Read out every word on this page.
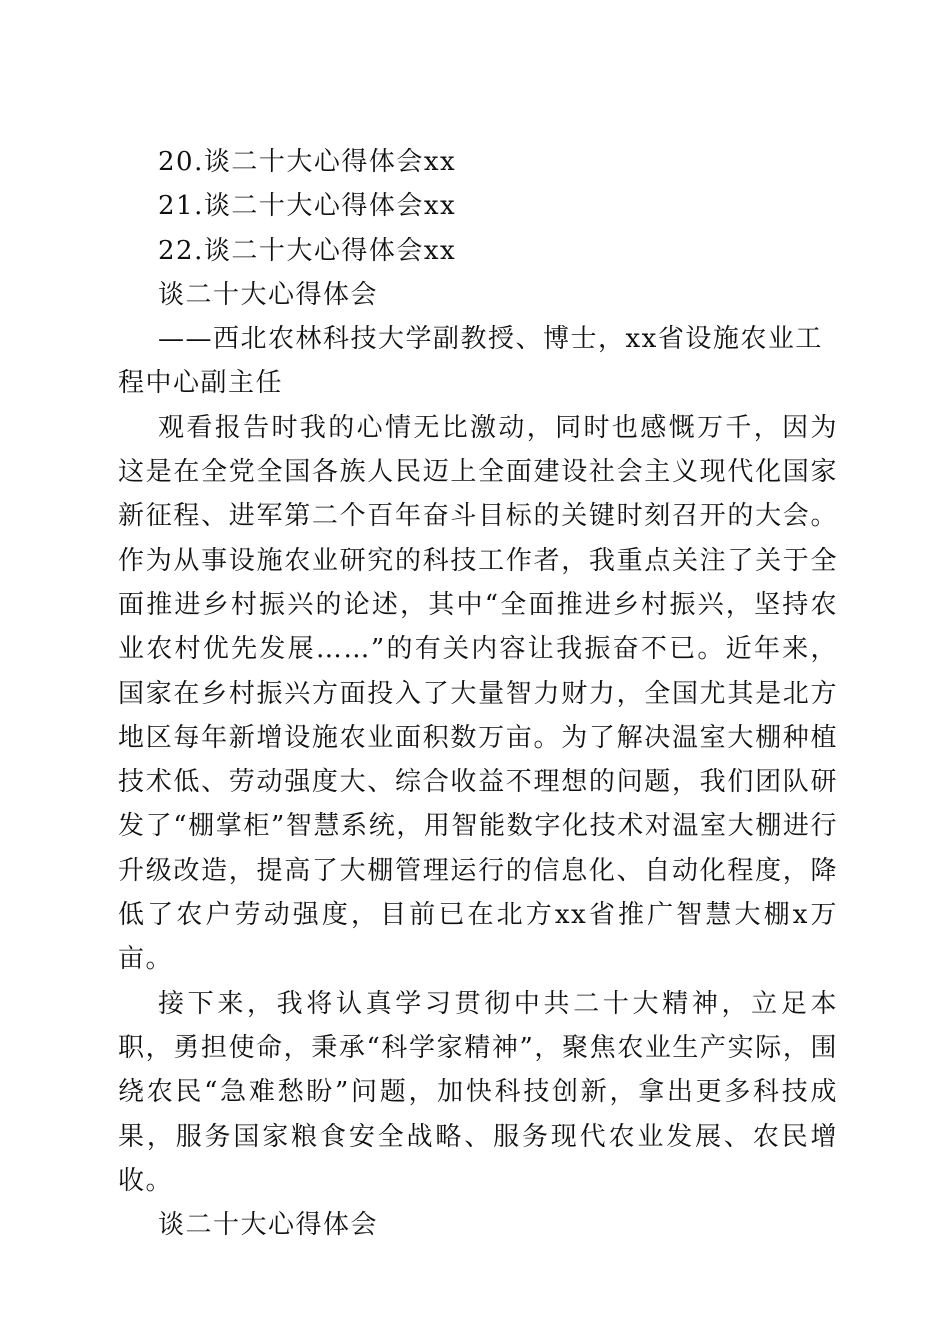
20.谈二十大心得体会xx

21.谈二十大心得体会xx

22.谈二十大心得体会xx

谈二十大心得体会

——西北农林科技大学副教授、博士，xx省设施农业工程中心副主任

观看报告时我的心情无比激动，同时也感慨万千，因为这是在全党全国各族人民迈上全面建设社会主义现代化国家新征程、进军第二个百年奋斗目标的关键时刻召开的大会。作为从事设施农业研究的科技工作者，我重点关注了关于全面推进乡村振兴的论述，其中“全面推进乡村振兴，坚持农业农村优先发展……”的有关内容让我振奋不已。近年来，国家在乡村振兴方面投入了大量智力财力，全国尤其是北方地区每年新增设施农业面积数万亩。为了解决温室大棚种植技术低、劳动强度大、综合收益不理想的问题，我们团队研发了“棚掌柜”智慧系统，用智能数字化技术对温室大棚进行升级改造，提高了大棚管理运行的信息化、自动化程度，降低了农户劳动强度，目前已在北方xx省推广智慧大棚x万亩。

接下来，我将认真学习贯彻中共二十大精神，立足本职，勇担使命，秉承“科学家精神”，聚焦农业生产实际，围绕农民“急难愁盼”问题，加快科技创新，拿出更多科技成果，服务国家粮食安全战略、服务现代农业发展、农民增收。

谈二十大心得体会
